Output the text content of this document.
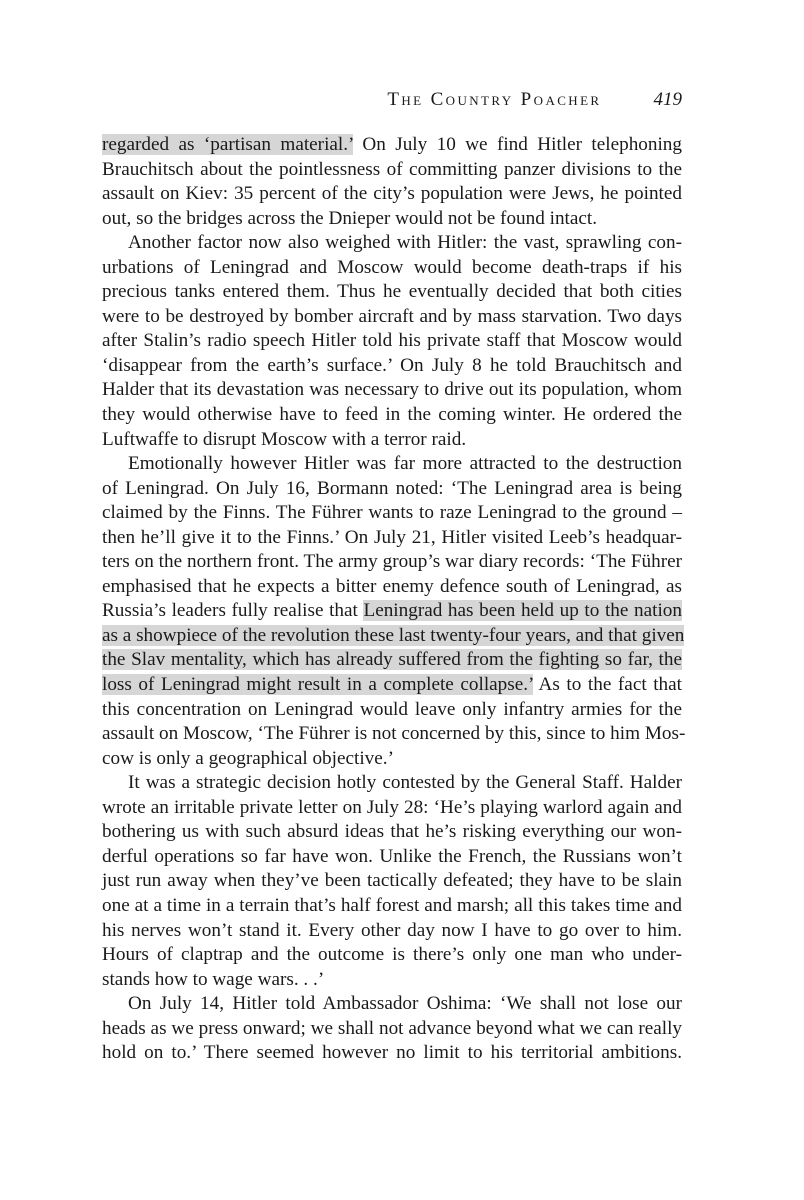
The Country Poacher	419
regarded as ‘partisan material.’ On July 10 we find Hitler telephoning
Brauchitsch about the pointlessness of committing panzer divisions to the
assault on Kiev: 35 percent of the city’s population were Jews, he pointed
out, so the bridges across the Dnieper would not be found intact.
Another factor now also weighed with Hitler: the vast, sprawling con-
urbations of Leningrad and Moscow would become death-traps if his
precious tanks entered them. Thus he eventually decided that both cities
were to be destroyed by bomber aircraft and by mass starvation. Two days
after Stalin’s radio speech Hitler told his private staff that Moscow would
‘disappear from the earth’s surface.’ On July 8 he told Brauchitsch and
Halder that its devastation was necessary to drive out its population, whom
they would otherwise have to feed in the coming winter. He ordered the
Luftwaffe to disrupt Moscow with a terror raid.
Emotionally however Hitler was far more attracted to the destruction
of Leningrad. On July 16, Bormann noted: ‘The Leningrad area is being
claimed by the Finns. The Führer wants to raze Leningrad to the ground –
then he’ll give it to the Finns.’ On July 21, Hitler visited Leeb’s headquar-
ters on the northern front. The army group’s war diary records: ‘The Führer
emphasised that he expects a bitter enemy defence south of Leningrad, as
Russia’s leaders fully realise that Leningrad has been held up to the nation
as a showpiece of the revolution these last twenty-four years, and that given
the Slav mentality, which has already suffered from the fighting so far, the
loss of Leningrad might result in a complete collapse.’ As to the fact that
this concentration on Leningrad would leave only infantry armies for the
assault on Moscow, ‘The Führer is not concerned by this, since to him Mos-
cow is only a geographical objective.’
It was a strategic decision hotly contested by the General Staff. Halder
wrote an irritable private letter on July 28: ‘He’s playing warlord again and
bothering us with such absurd ideas that he’s risking everything our won-
derful operations so far have won. Unlike the French, the Russians won’t
just run away when they’ve been tactically defeated; they have to be slain
one at a time in a terrain that’s half forest and marsh; all this takes time and
his nerves won’t stand it. Every other day now I have to go over to him.
Hours of claptrap and the outcome is there’s only one man who under-
stands how to wage wars. . .’
On July 14, Hitler told Ambassador Oshima: ‘We shall not lose our
heads as we press onward; we shall not advance beyond what we can really
hold on to.’ There seemed however no limit to his territorial ambitions.
